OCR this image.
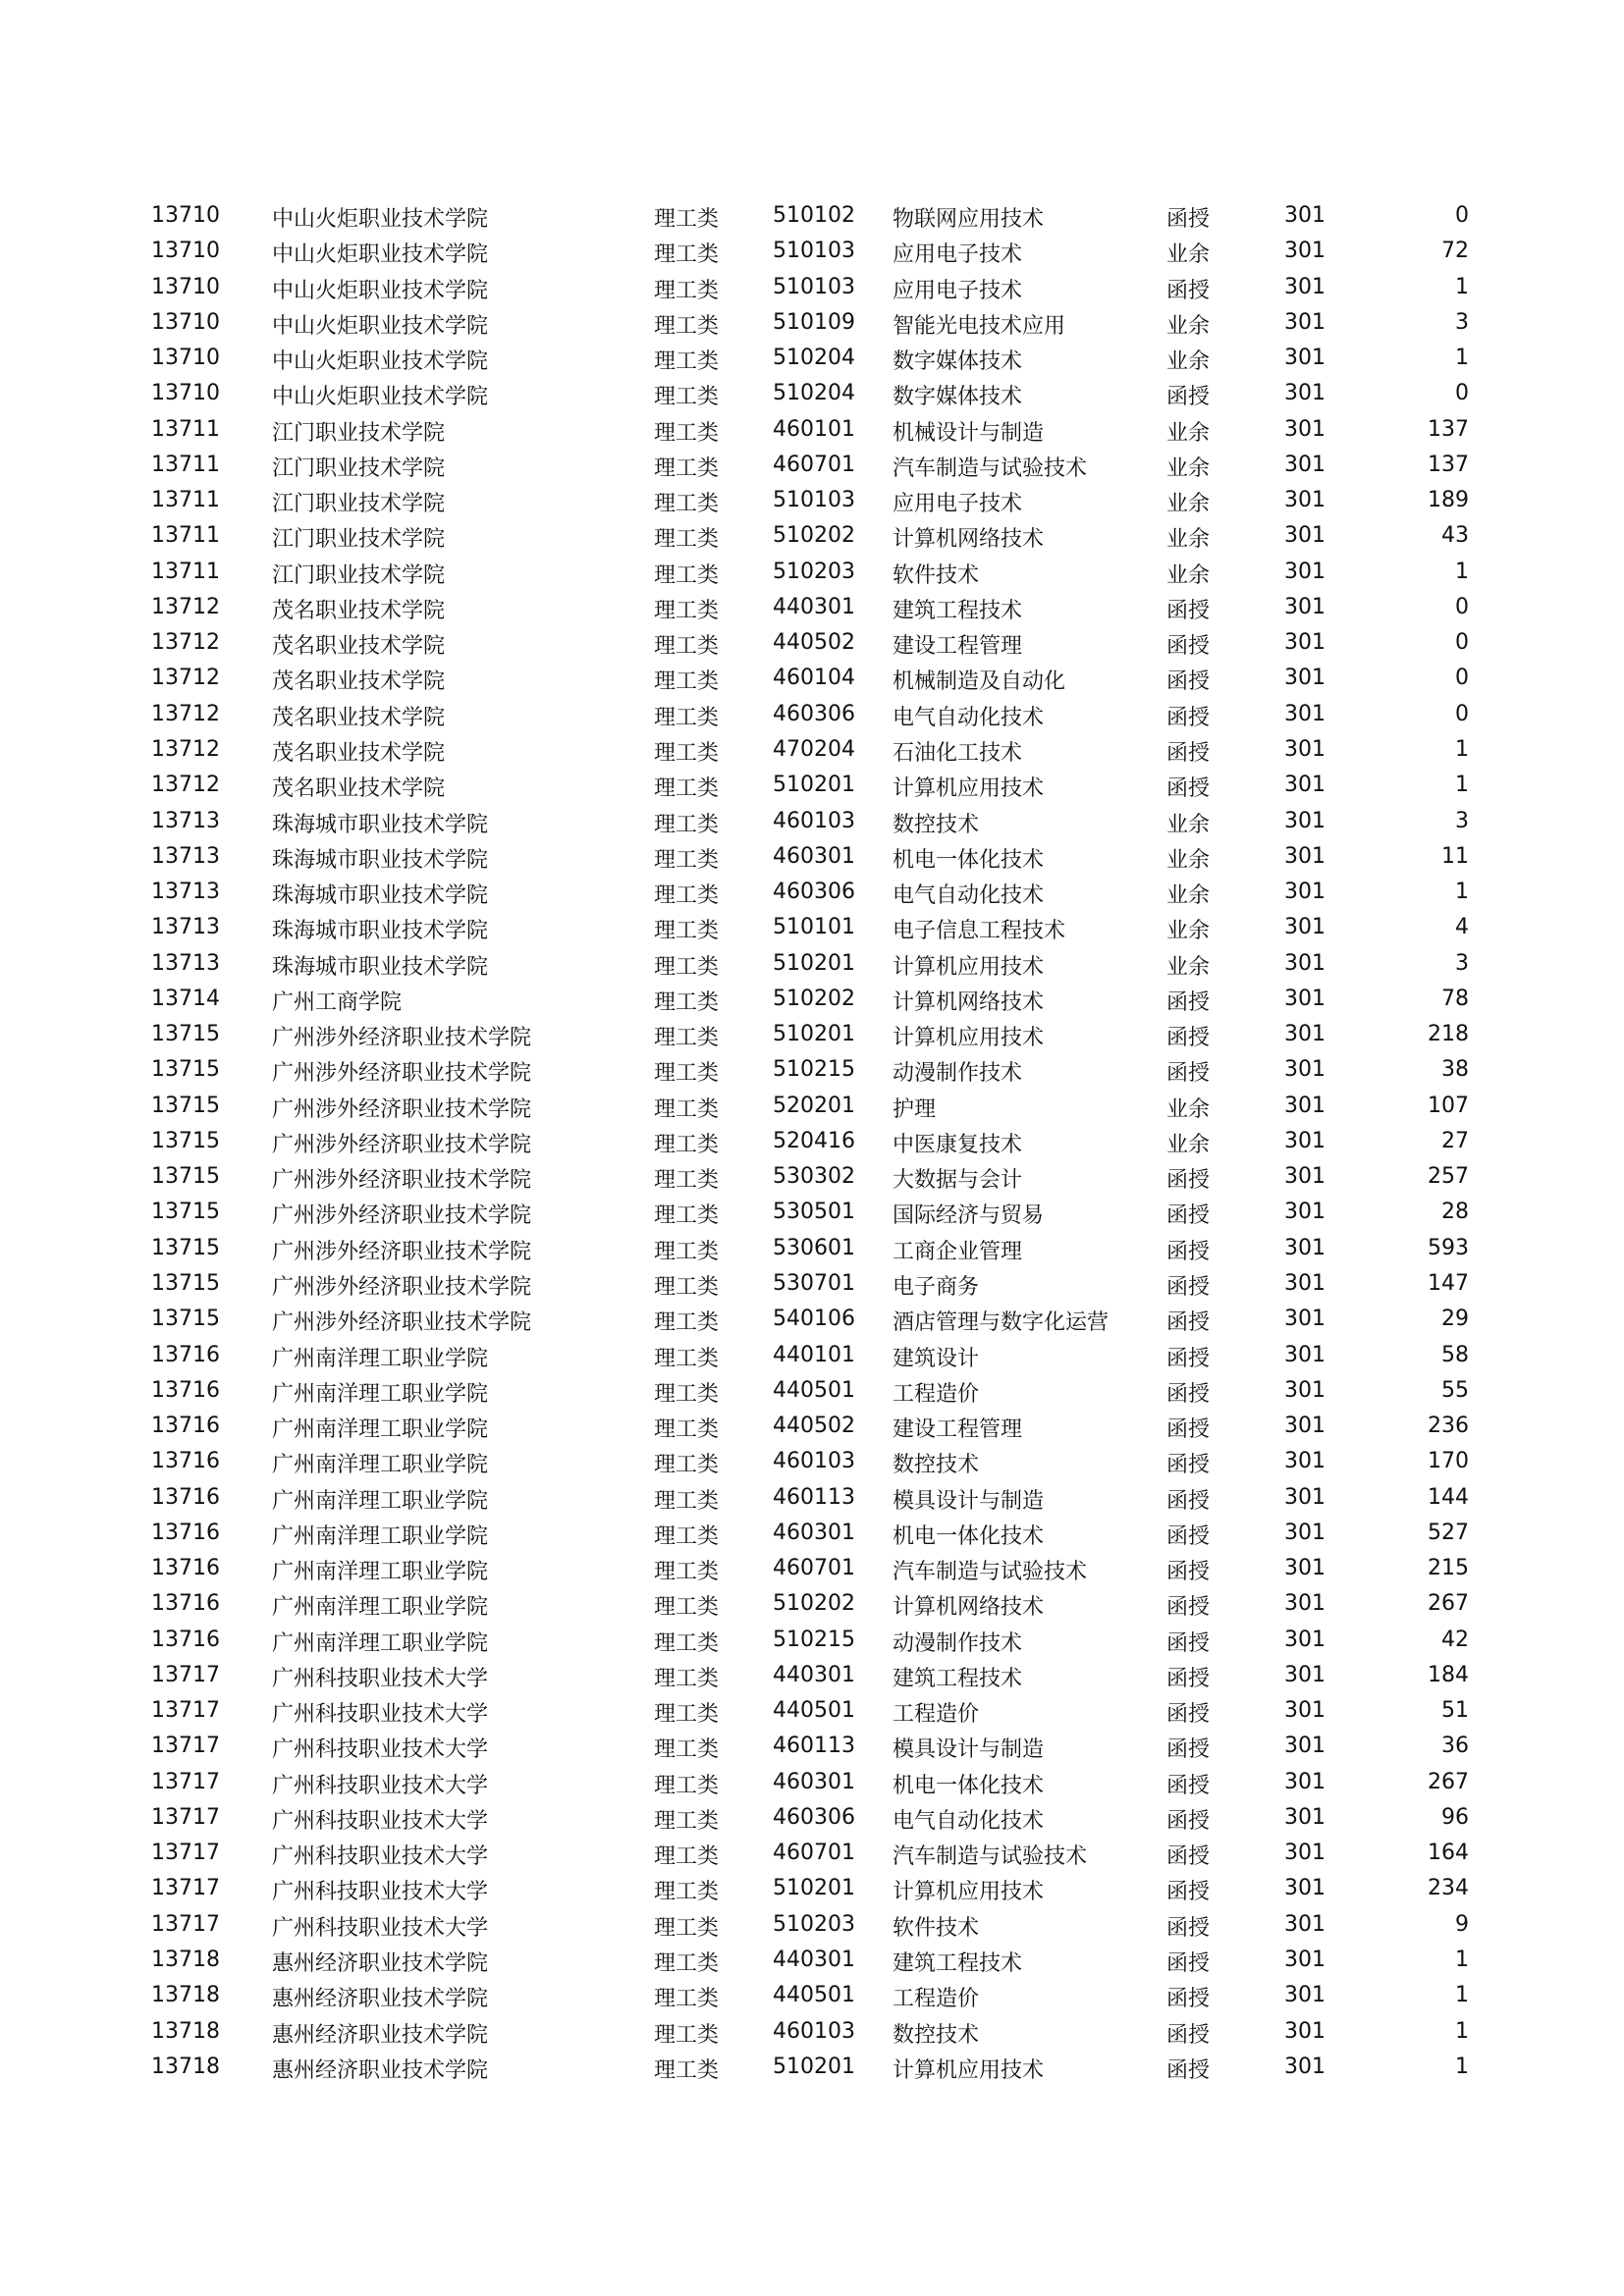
13710 中山火炬职业技术学院	理工类 510102 物联网应用技术	函授	301	0
13710 中山火炬职业技术学院	理工类 510103 应用电子技术	业余	301	72
13710 中山火炬职业技术学院	理工类 510103 应用电子技术	函授	301	1
13710 中山火炬职业技术学院	理工类 510109 智能光电技术应用	业余	301	3
13710 中山火炬职业技术学院	理工类 510204 数字媒体技术	业余	301	1
13710 中山火炬职业技术学院	理工类 510204 数字媒体技术	函授	301	0
13711 江门职业技术学院	理工类 460101 机械设计与制造	业余	301	137
13711 江门职业技术学院	理工类 460701 汽车制造与试验技术	业余	301	137
13711 江门职业技术学院	理工类 510103 应用电子技术	业余	301	189
13711 江门职业技术学院	理工类 510202 计算机网络技术	业余	301	43
13711 江门职业技术学院	理工类 510203 软件技术	业余	301	1
13712 茂名职业技术学院	理工类 440301 建筑工程技术	函授	301	0
13712 茂名职业技术学院	理工类 440502 建设工程管理	函授	301	0
13712 茂名职业技术学院	理工类 460104 机械制造及自动化	函授	301	0
13712 茂名职业技术学院	理工类 460306 电气自动化技术	函授	301	0
13712 茂名职业技术学院	理工类 470204 石油化工技术	函授	301	1
13712 茂名职业技术学院	理工类 510201 计算机应用技术	函授	301	1
13713 珠海城市职业技术学院	理工类 460103 数控技术	业余	301	3
13713 珠海城市职业技术学院	理工类 460301 机电一体化技术	业余	301	11
13713 珠海城市职业技术学院	理工类 460306 电气自动化技术	业余	301	1
13713 珠海城市职业技术学院	理工类 510101 电子信息工程技术	业余	301	4
13713 珠海城市职业技术学院	理工类 510201 计算机应用技术	业余	301	3
13714 广州工商学院	理工类 510202 计算机网络技术	函授	301	78
13715 广州涉外经济职业技术学院	理工类 510201 计算机应用技术	函授	301	218
13715 广州涉外经济职业技术学院	理工类 510215 动漫制作技术	函授	301	38
13715 广州涉外经济职业技术学院	理工类 520201 护理	业余	301	107
13715 广州涉外经济职业技术学院	理工类 520416 中医康复技术	业余	301	27
13715 广州涉外经济职业技术学院	理工类 530302 大数据与会计	函授	301	257
13715 广州涉外经济职业技术学院	理工类 530501 国际经济与贸易	函授	301	28
13715 广州涉外经济职业技术学院	理工类 530601 工商企业管理	函授	301	593
13715 广州涉外经济职业技术学院	理工类 530701 电子商务	函授	301	147
13715 广州涉外经济职业技术学院	理工类 540106 酒店管理与数字化运营	函授	301	29
13716 广州南洋理工职业学院	理工类 440101 建筑设计	函授	301	58
13716 广州南洋理工职业学院	理工类 440501 工程造价	函授	301	55
13716 广州南洋理工职业学院	理工类 440502 建设工程管理	函授	301	236
13716 广州南洋理工职业学院	理工类 460103 数控技术	函授	301	170
13716 广州南洋理工职业学院	理工类 460113 模具设计与制造	函授	301	144
13716 广州南洋理工职业学院	理工类 460301 机电一体化技术	函授	301	527
13716 广州南洋理工职业学院	理工类 460701 汽车制造与试验技术	函授	301	215
13716 广州南洋理工职业学院	理工类 510202 计算机网络技术	函授	301	267
13716 广州南洋理工职业学院	理工类 510215 动漫制作技术	函授	301	42
13717 广州科技职业技术大学	理工类 440301 建筑工程技术	函授	301	184
13717 广州科技职业技术大学	理工类 440501 工程造价	函授	301	51
13717 广州科技职业技术大学	理工类 460113 模具设计与制造	函授	301	36
13717 广州科技职业技术大学	理工类 460301 机电一体化技术	函授	301	267
13717 广州科技职业技术大学	理工类 460306 电气自动化技术	函授	301	96
13717 广州科技职业技术大学	理工类 460701 汽车制造与试验技术	函授	301	164
13717 广州科技职业技术大学	理工类 510201 计算机应用技术	函授	301	234
13717 广州科技职业技术大学	理工类 510203 软件技术	函授	301	9
13718 惠州经济职业技术学院	理工类 440301 建筑工程技术	函授	301	1
13718 惠州经济职业技术学院	理工类 440501 工程造价	函授	301	1
13718 惠州经济职业技术学院	理工类 460103 数控技术	函授	301	1
13718 惠州经济职业技术学院	理工类 510201 计算机应用技术	函授	301	1
